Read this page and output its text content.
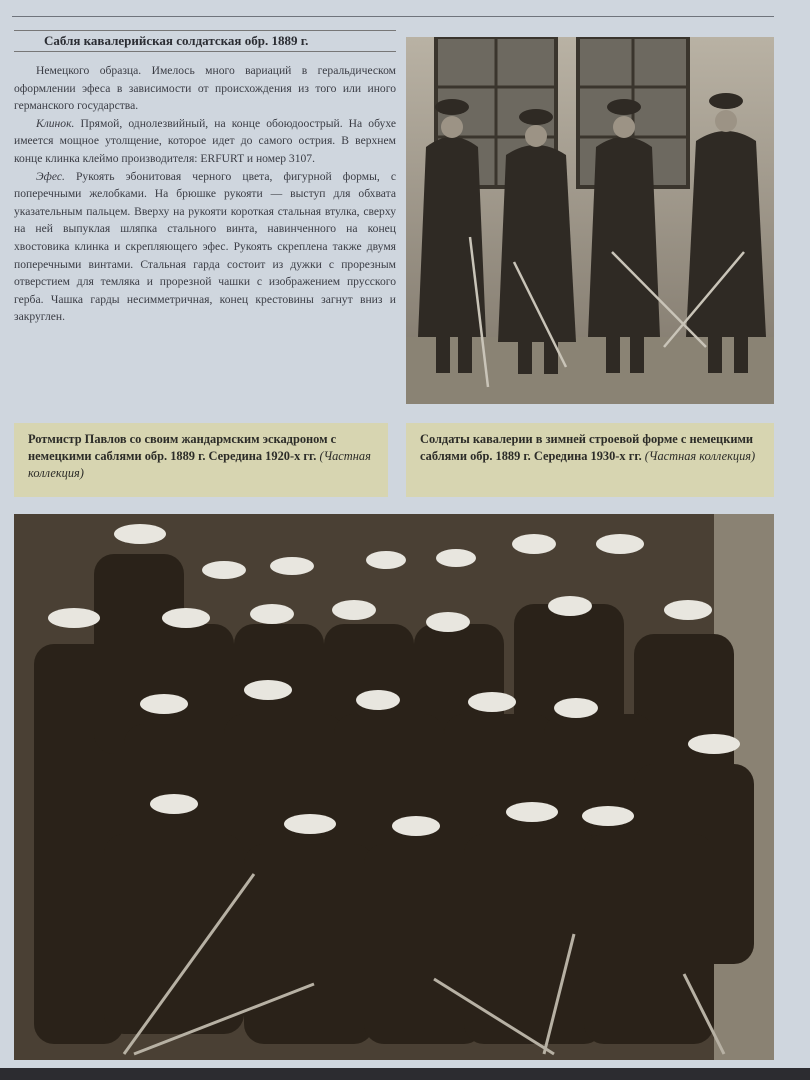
Сабля кавалерийская солдатская обр. 1889 г.

Немецкого образца. Имелось много вариаций в геральдическом оформлении эфеса в зависимости от происхождения из того или иного германского государства.

Клинок. Прямой, однолезвийный, на конце обоюдоострый. На обухе имеется мощное утолщение, которое идет до самого острия. В верхнем конце клинка клеймо производителя: ERFURT и номер 3107.

Эфес. Рукоять эбонитовая черного цвета, фигурной формы, с поперечными желобками. На брюшке рукояти — выступ для обхвата указательным пальцем. Вверху на рукояти короткая стальная втулка, сверху на ней выпуклая шляпка стального винта, навинченного на конец хвостовика клинка и скрепляющего эфес. Рукоять скреплена также двумя поперечными винтами. Стальная гарда состоит из дужки с прорезным отверстием для темляка и прорезной чашки с изображением прусского герба. Чашка гарды несимметричная, конец крестовины загнут вниз и закруглен.

Ротмистр Павлов со своим жандармским эскадроном с немецкими саблями обр. 1889 г. Середина 1920-х гг. (Частная коллекция)
Солдаты кавалерии в зимней строевой форме с немецкими саблями обр. 1889 г. Середина 1930-х гг. (Частная коллекция)
